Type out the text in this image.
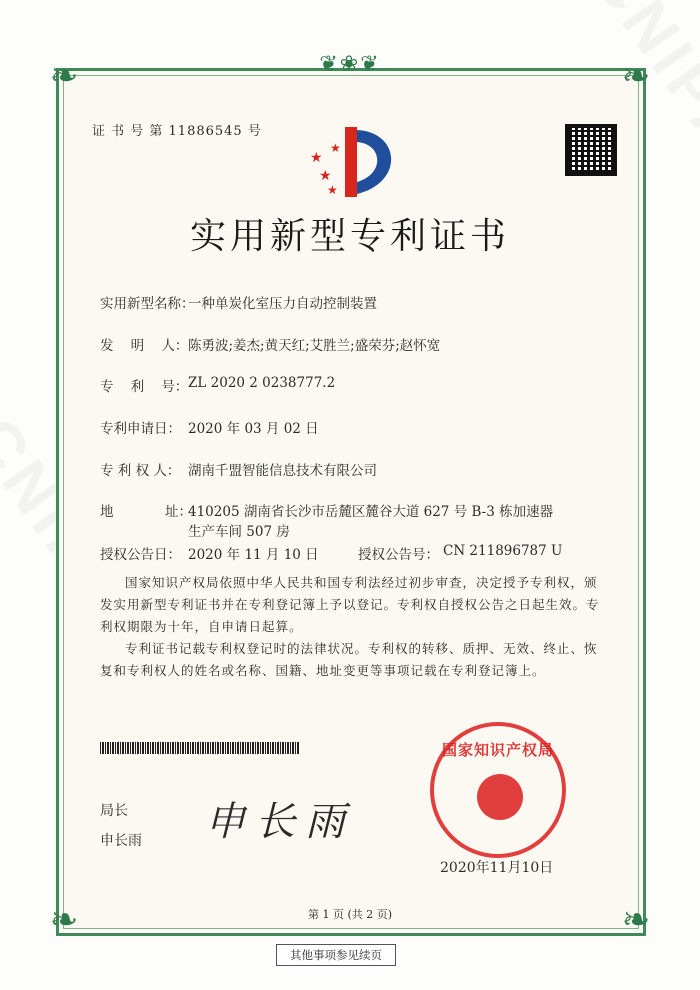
❦❀❦
❧	❧
❧	❧
证 书 号 第 11886545 号
★
★
★
★
实用新型专利证书
实用新型名称：
一种单炭化室压力自动控制装置
发    明    人： 陈勇波;姜杰;黄天红;艾胜兰;盛荣芬;赵怀宽
专    利    号： ZL 2020 2 0238777.2
专利申请日： 2020 年 03 月 02 日
专 利 权 人： 湖南千盟智能信息技术有限公司
地            址：
410205 湖南省长沙市岳麓区麓谷大道 627 号 B-3 栋加速器
生产车间 507 房
授权公告日： 2020 年 11 月 10 日	授权公告号： CN 211896787 U
国家知识产权局依照中华人民共和国专利法经过初步审查，决定授予专利权，颁发实用新型专利证书并在专利登记簿上予以登记。专利权自授权公告之日起生效。专利权期限为十年，自申请日起算。
专利证书记载专利权登记时的法律状况。专利权的转移、质押、无效、终止、恢复和专利权人的姓名或名称、国籍、地址变更等事项记载在专利登记簿上。
国家知识产权局
2020年11月10日
局长
申长雨 申长雨
第 1 页 (共 2 页)
其他事项参见续页
